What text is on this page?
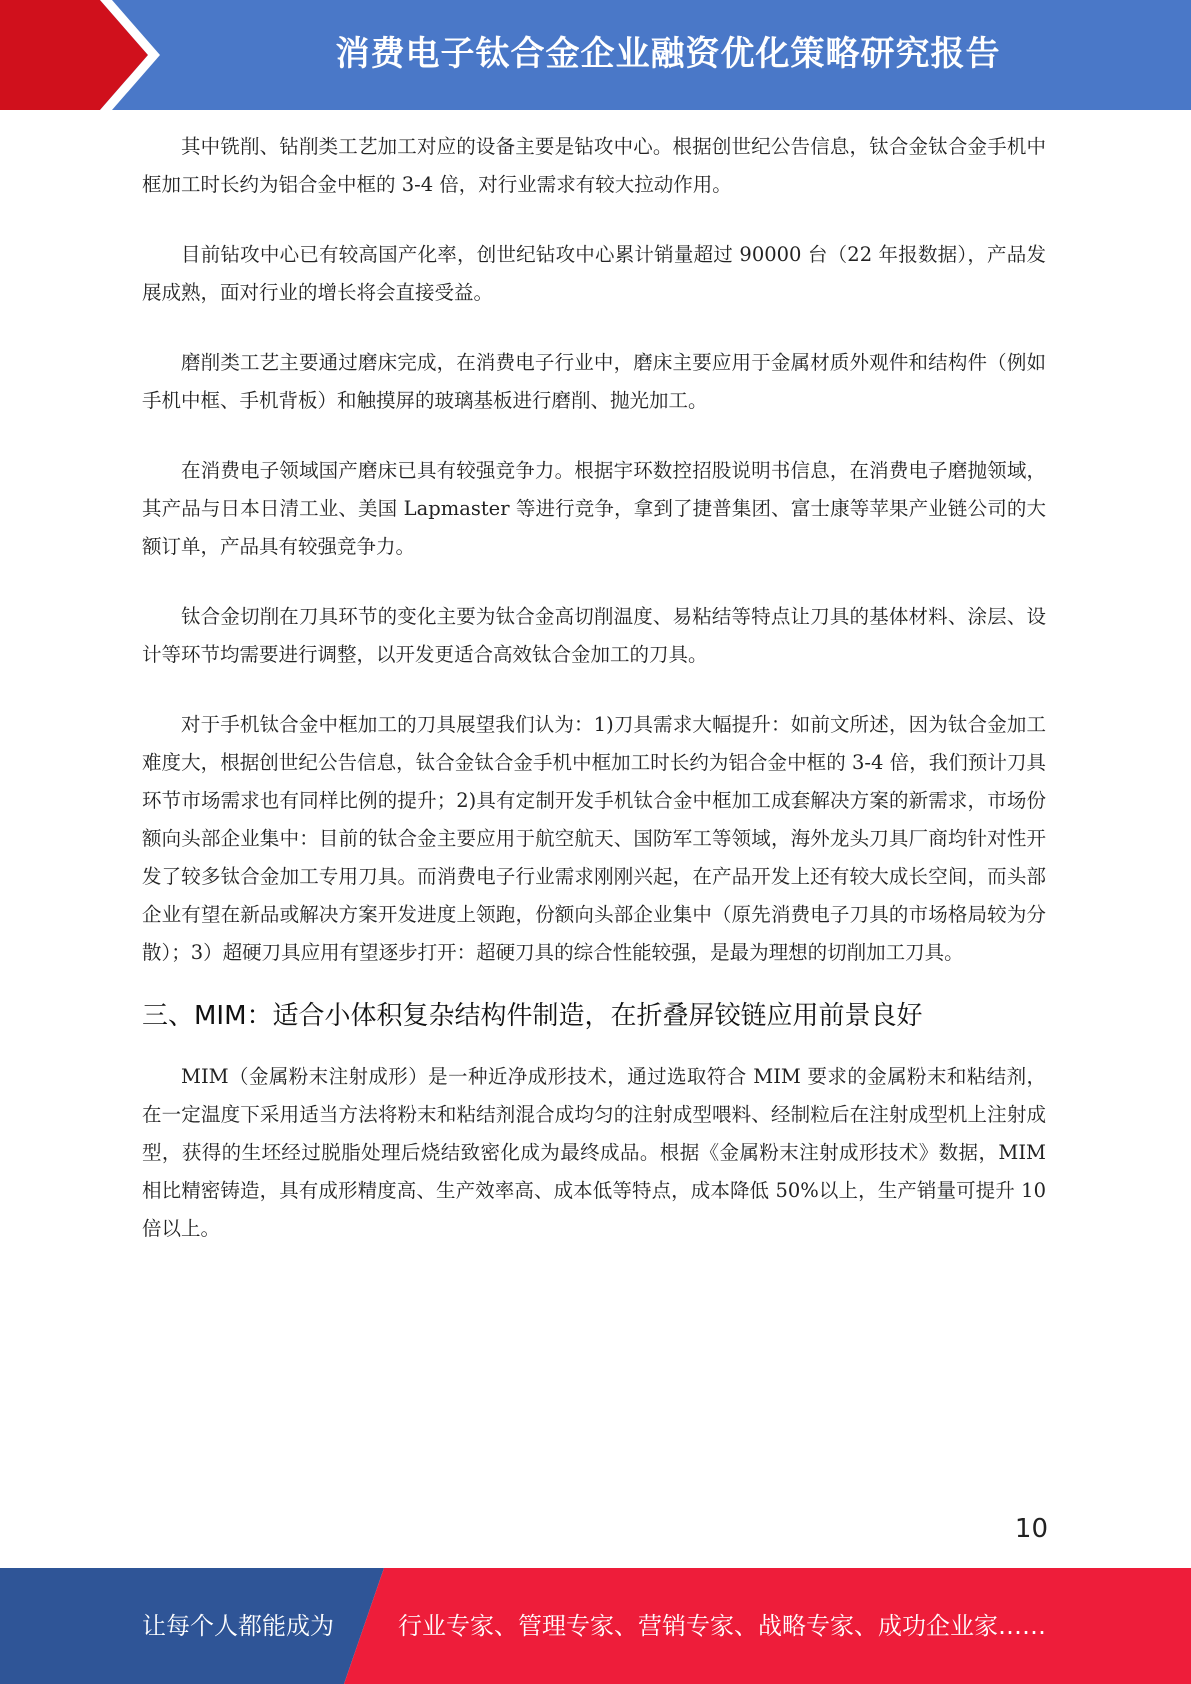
消费电子钛合金企业融资优化策略研究报告

其中铣削、钻削类工艺加工对应的设备主要是钻攻中心。根据创世纪公告信息，钛合金钛合金手机中框加工时长约为铝合金中框的 3-4 倍，对行业需求有较大拉动作用。

目前钻攻中心已有较高国产化率，创世纪钻攻中心累计销量超过 90000 台（22 年报数据），产品发展成熟，面对行业的增长将会直接受益。

磨削类工艺主要通过磨床完成，在消费电子行业中，磨床主要应用于金属材质外观件和结构件（例如手机中框、手机背板）和触摸屏的玻璃基板进行磨削、抛光加工。

在消费电子领域国产磨床已具有较强竞争力。根据宇环数控招股说明书信息，在消费电子磨抛领域，其产品与日本日清工业、美国 Lapmaster 等进行竞争，拿到了捷普集团、富士康等苹果产业链公司的大额订单，产品具有较强竞争力。

钛合金切削在刀具环节的变化主要为钛合金高切削温度、易粘结等特点让刀具的基体材料、涂层、设计等环节均需要进行调整，以开发更适合高效钛合金加工的刀具。

对于手机钛合金中框加工的刀具展望我们认为：1)刀具需求大幅提升：如前文所述，因为钛合金加工难度大，根据创世纪公告信息，钛合金钛合金手机中框加工时长约为铝合金中框的 3-4 倍，我们预计刀具环节市场需求也有同样比例的提升；2)具有定制开发手机钛合金中框加工成套解决方案的新需求，市场份额向头部企业集中：目前的钛合金主要应用于航空航天、国防军工等领域，海外龙头刀具厂商均针对性开发了较多钛合金加工专用刀具。而消费电子行业需求刚刚兴起，在产品开发上还有较大成长空间，而头部企业有望在新品或解决方案开发进度上领跑，份额向头部企业集中（原先消费电子刀具的市场格局较为分散）；3）超硬刀具应用有望逐步打开：超硬刀具的综合性能较强，是最为理想的切削加工刀具。

三、MIM：适合小体积复杂结构件制造，在折叠屏铰链应用前景良好

MIM（金属粉末注射成形）是一种近净成形技术，通过选取符合 MIM 要求的金属粉末和粘结剂，在一定温度下采用适当方法将粉末和粘结剂混合成均匀的注射成型喂料、经制粒后在注射成型机上注射成型，获得的生坯经过脱脂处理后烧结致密化成为最终成品。根据《金属粉末注射成形技术》数据，MIM 相比精密铸造，具有成形精度高、生产效率高、成本低等特点，成本降低 50%以上，生产销量可提升 10 倍以上。

10
让每个人都能成为	行业专家、管理专家、营销专家、战略专家、成功企业家……
